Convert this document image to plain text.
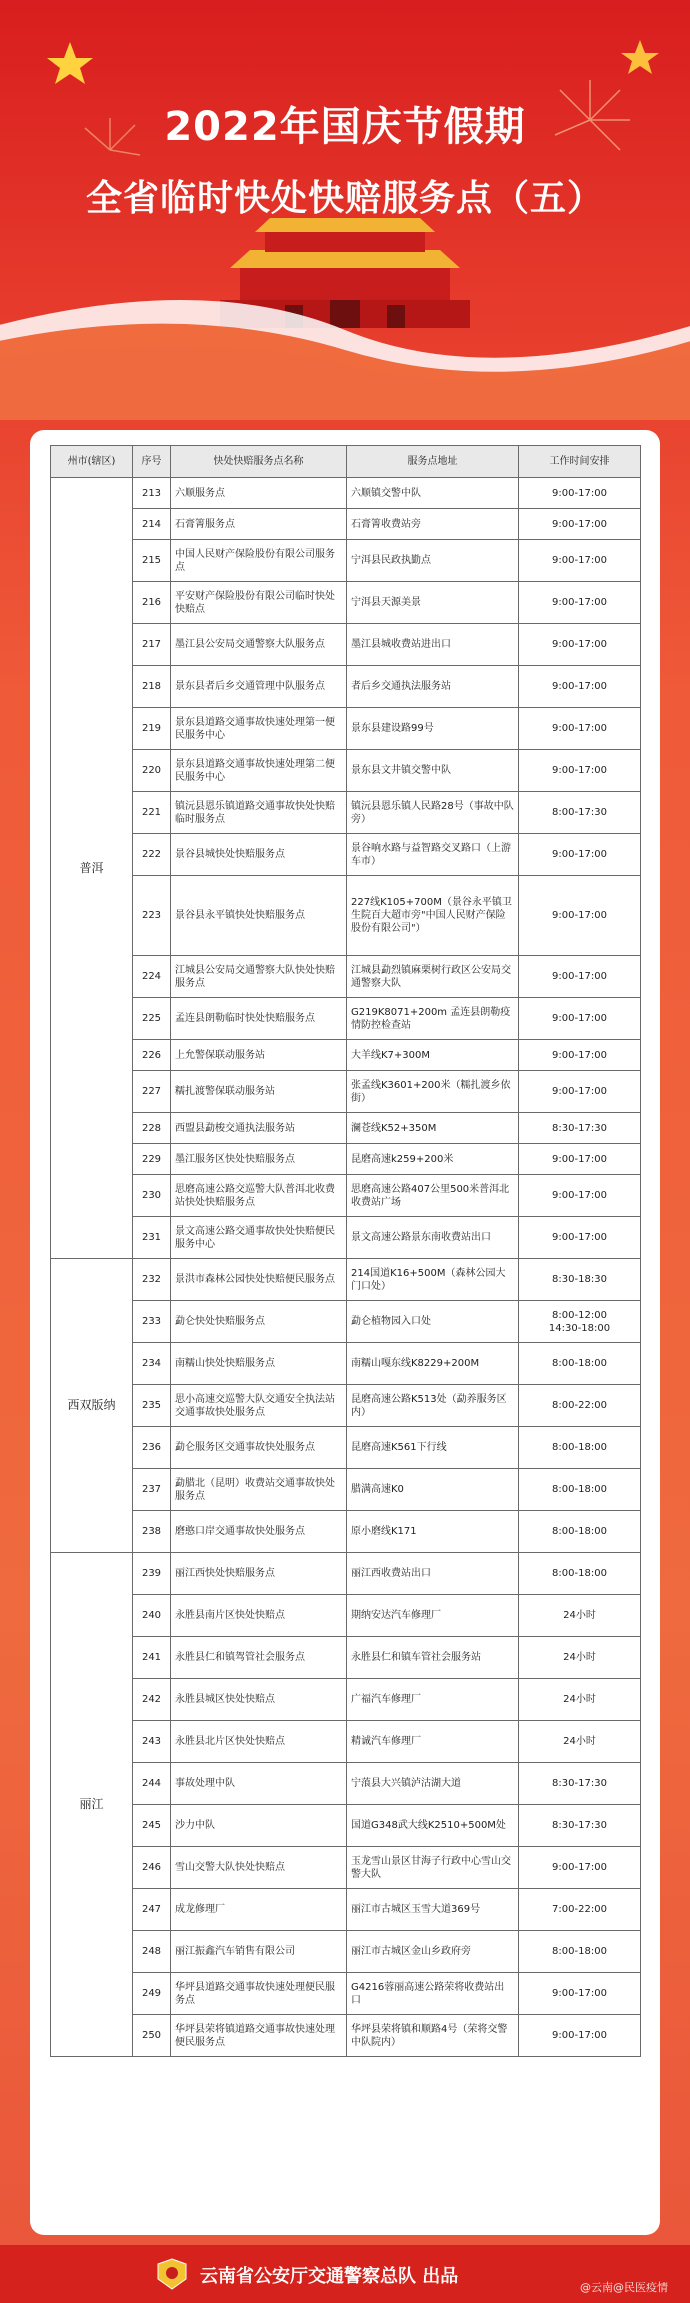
2022年国庆节假期
全省临时快处快赔服务点（五）
州市(辖区)	序号	快处快赔服务点名称	服务点地址	工作时间安排
普洱	213	六顺服务点	六顺镇交警中队	9:00-17:00
	214	石膏箐服务点	石膏箐收费站旁	9:00-17:00
	215	中国人民财产保险股份有限公司服务点	宁洱县民政执勤点	9:00-17:00
	216	平安财产保险股份有限公司临时快处快赔点	宁洱县天源美景	9:00-17:00
	217	墨江县公安局交通警察大队服务点	墨江县城收费站进出口	9:00-17:00
	218	景东县者后乡交通管理中队服务点	者后乡交通执法服务站	9:00-17:00
	219	景东县道路交通事故快速处理第一便民服务中心	景东县建设路99号	9:00-17:00
	220	景东县道路交通事故快速处理第二便民服务中心	景东县文井镇交警中队	9:00-17:00
	221	镇沅县恩乐镇道路交通事故快处快赔临时服务点	镇沅县恩乐镇人民路28号（事故中队旁）	8:00-17:30
	222	景谷县城快处快赔服务点	景谷响水路与益智路交叉路口（上游车市）	9:00-17:00
	223	景谷县永平镇快处快赔服务点	227线K105+700M（景谷永平镇卫生院百大超市旁"中国人民财产保险股份有限公司"）	9:00-17:00
	224	江城县公安局交通警察大队快处快赔服务点	江城县勐烈镇麻栗树行政区公安局交通警察大队	9:00-17:00
	225	孟连县朗勒临时快处快赔服务点	G219K8071+200m 孟连县朗勒疫情防控检查站	9:00-17:00
	226	上允警保联动服务站	大羊线K7+300M	9:00-17:00
	227	糯扎渡警保联动服务站	张孟线K3601+200米（糯扎渡乡依街）	9:00-17:00
	228	西盟县勐梭交通执法服务站	澜苍线K52+350M	8:30-17:30
	229	墨江服务区快处快赔服务点	昆磨高速k259+200米	9:00-17:00
	230	思磨高速公路交巡警大队普洱北收费站快处快赔服务点	思磨高速公路407公里500米普洱北收费站广场	9:00-17:00
	231	景文高速公路交通事故快处快赔便民服务中心	景文高速公路景东南收费站出口	9:00-17:00
西双版纳	232	景洪市森林公园快处快赔便民服务点	214国道K16+500M（森林公园大门口处）	8:30-18:30
	233	勐仑快处快赔服务点	勐仑植物园入口处	8:00-12:00
14:30-18:00
	234	南糯山快处快赔服务点	南糯山嘎东线K8229+200M	8:00-18:00
	235	思小高速交巡警大队交通安全执法站交通事故快处服务点	昆磨高速公路K513处（勐养服务区内）	8:00-22:00
	236	勐仑服务区交通事故快处服务点	昆磨高速K561下行线	8:00-18:00
	237	勐腊北（昆明）收费站交通事故快处服务点	腊满高速K0	8:00-18:00
	238	磨憨口岸交通事故快处服务点	原小磨线K171	8:00-18:00
丽江	239	丽江西快处快赔服务点	丽江西收费站出口	8:00-18:00
	240	永胜县南片区快处快赔点	期纳安达汽车修理厂	24小时
	241	永胜县仁和镇驾管社会服务点	永胜县仁和镇车管社会服务站	24小时
	242	永胜县城区快处快赔点	广福汽车修理厂	24小时
	243	永胜县北片区快处快赔点	精诚汽车修理厂	24小时
	244	事故处理中队	宁蒗县大兴镇泸沽湖大道	8:30-17:30
	245	沙力中队	国道G348武大线K2510+500M处	8:30-17:30
	246	雪山交警大队快处快赔点	玉龙雪山景区甘海子行政中心雪山交警大队	9:00-17:00
	247	成龙修理厂	丽江市古城区玉雪大道369号	7:00-22:00
	248	丽江振鑫汽车销售有限公司	丽江市古城区金山乡政府旁	8:00-18:00
	249	华坪县道路交通事故快速处理便民服务点	G4216蓉丽高速公路荣将收费站出口	9:00-17:00
	250	华坪县荣将镇道路交通事故快速处理便民服务点	华坪县荣将镇和顺路4号（荣将交警中队院内）	9:00-17:00
云南省公安厅交通警察总队 出品
@云南@民医疫情
